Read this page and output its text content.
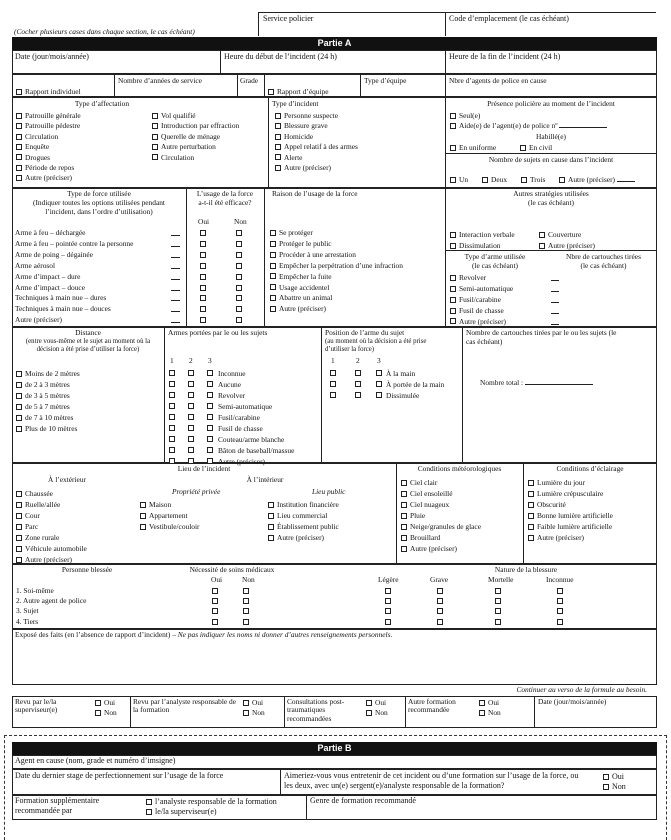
(Cocher plusieurs cases dans chaque section, le cas échéant)
Service policier	Code d’emplacement (le cas échéant)
Partie A
Date (jour/mois/année)	Heure du début de l’incident (24 h)	Heure de la fin de l’incident (24 h)
Rapport individuel
Nombre d’années de service	Grade
Rapport d’équipe
Type d’équipe	Nbre d’agents de police en cause
Type d’affectation
Patrouille générale
Patrouille pédestre
Circulation
Enquête
Drogues
Période de repos
Autre (préciser)
Vol qualifié
Introduction par effraction
Querelle de ménage
Autre perturbation
Circulation
Type d’incident
Personne suspecte
Blessure grave
Homicide
Appel relatif à des armes
Alerte
Autre (préciser)
Présence policière au moment de l’incident
Seul(e)
Aide(e) de l’agent(e) de police nº
Habillé(e)
En uniforme	En civil
Nombre de sujets en cause dans l’incident
Un	Deux	Trois	Autre (préciser)
Type de force utilisée
(Indiquer toutes les options utilisées pendant
l’incident, dans l’ordre d’utilisation)
L’usage de la force
a-t-il été efficace?
Oui	Non
Arme à feu – déchargée
Arme à feu – pointée contre la personne
Arme de poing – dégainée
Arme aérosol
Arme d’impact – dure
Arme d’impact – douce
Techniques à main nue – dures
Techniques à main nue – douces
Autre (préciser)
Raison de l’usage de la force
Se protéger
Protéger le public
Procéder à une arrestation
Empêcher la perpétration d’une infraction
Empêcher la fuite
Usage accidentel
Abattre un animal
Autre (préciser)
Autres stratégies utilisées
(le cas échéant)
Interaction verbale
Dissimulation
Couverture
Autre (préciser)
Type d’arme utilisée
(le cas échéant)
Nbre de cartouches tirées
(le cas échéant)
Revolver
Semi-automatique
Fusil/carabine
Fusil de chasse
Autre (préciser)
Distance
(entre vous-même et le sujet au moment où la
décision a été prise d’utiliser la force)
Moins de 2 mètres
de 2 à 3 mètres
de 3 à 5 mètres
de 5 à 7 mètres
de 7 à 10 mètres
Plus de 10 mètres
Armes portées par le ou les sujets
1 2 3
Inconnue
Aucune
Revolver
Semi-automatique
Fusil/carabine
Fusil de chasse
Couteau/arme blanche
Bâton de baseball/massue
Autre (préciser)
Position de l’arme du sujet
(au moment où la décision a été prise
d’utiliser la force)
1	2 3
À la main
À portée de la main
Dissimulée
Nombre de cartouches tirées par le ou les sujets (le
cas échéant)
Nombre total :
Lieu de l’incident
À l’extérieur	À l’intérieur
Propriété privée	Lieu public
Chaussée
Ruelle/allée
Cour
Parc
Zone rurale
Véhicule automobile
Autre (préciser)
Maison
Appartement
Vestibule/couloir
Institution financière
Lieu commercial
Établissement public
Autre (préciser)
Conditions météorologiques
Ciel clair
Ciel ensoleillé
Ciel nuageux
Pluie
Neige/granules de glace
Brouillard
Autre (préciser)
Conditions d’éclairage
Lumière du jour
Lumière crépusculaire
Obscurité
Bonne lumière artificielle
Faible lumière artificielle
Autre (préciser)
Personne blessée	Nécessité de soins médicaux
Oui	Non
Nature de la blessure
Légère	Grave	Mortelle	Inconnue
1. Soi-même
2. Autre agent de police
3. Sujet
4. Tiers
Exposé des faits (en l’absence de rapport d’incident) – Ne pas indiquer les noms ni donner d’autres renseignements personnels.
Continuer au verso de la formule au besoin.
Revu par le/la superviseur(e)
Oui
Non
Revu par l’analyste responsable de la formation
Oui
Non
Consultations post-traumatiques recommandées
Oui
Non
Autre formation recommandée
Oui
Non
Date (jour/mois/année)
Partie B
Agent en cause (nom, grade et numéro d’imsigne)
Date du dernier stage de perfectionnement sur l’usage de la force	Aimeriez-vous vous entretenir de cet incident ou d’une formation sur l’usage de la force, ou
les deux, avec un(e) sergent(e)/analyste responsable de la formation?
Oui
Non
Formation supplémentaire
recommandée par
l’analyste responsable de la formation
le/la superviseur(e)
Genre de formation recommandé
